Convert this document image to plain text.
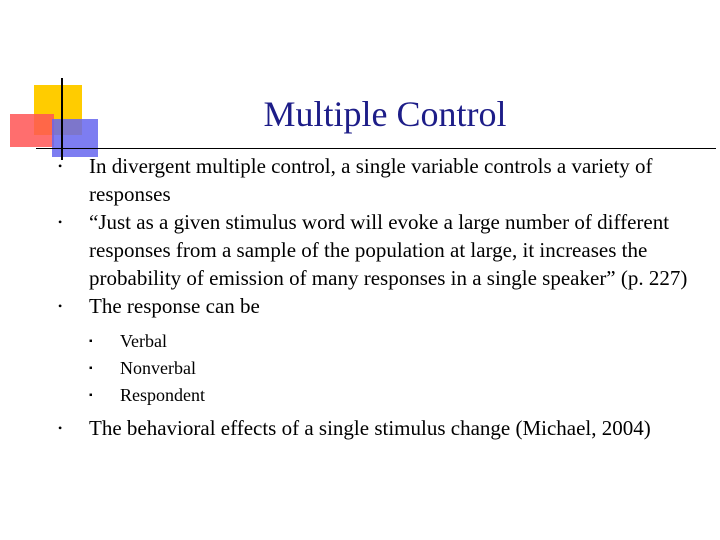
Multiple Control
• In divergent multiple control, a single variable controls a variety of responses
• “Just as a given stimulus word will evoke a large number of different responses from a sample of the population at large, it increases the probability of emission of many responses in a single speaker” (p. 227)
• The response can be
▪ Verbal
▪ Nonverbal
▪ Respondent
• The behavioral effects of a single stimulus change (Michael, 2004)
